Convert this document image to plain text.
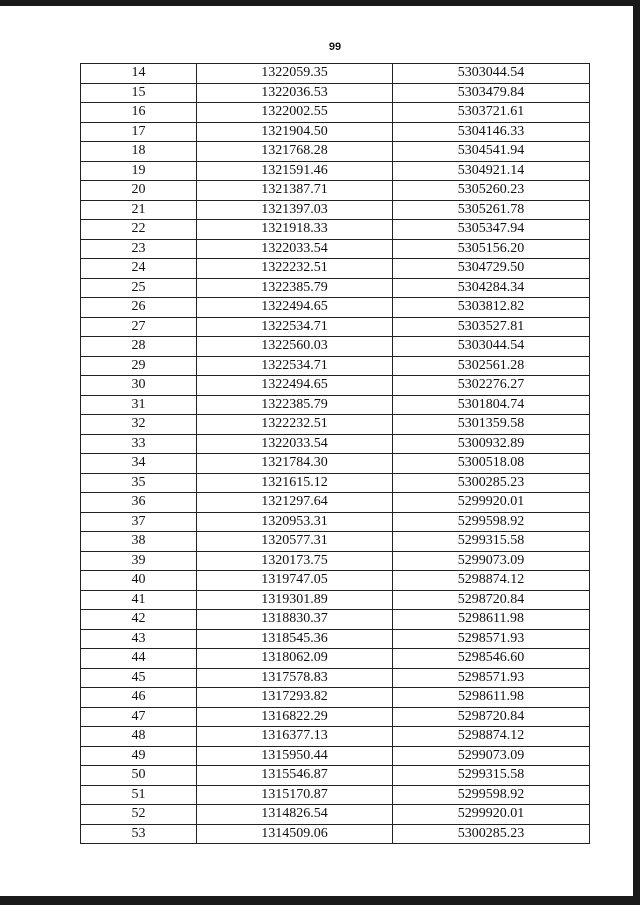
99
14	1322059.35	5303044.54
15	1322036.53	5303479.84
16	1322002.55	5303721.61
17	1321904.50	5304146.33
18	1321768.28	5304541.94
19	1321591.46	5304921.14
20	1321387.71	5305260.23
21	1321397.03	5305261.78
22	1321918.33	5305347.94
23	1322033.54	5305156.20
24	1322232.51	5304729.50
25	1322385.79	5304284.34
26	1322494.65	5303812.82
27	1322534.71	5303527.81
28	1322560.03	5303044.54
29	1322534.71	5302561.28
30	1322494.65	5302276.27
31	1322385.79	5301804.74
32	1322232.51	5301359.58
33	1322033.54	5300932.89
34	1321784.30	5300518.08
35	1321615.12	5300285.23
36	1321297.64	5299920.01
37	1320953.31	5299598.92
38	1320577.31	5299315.58
39	1320173.75	5299073.09
40	1319747.05	5298874.12
41	1319301.89	5298720.84
42	1318830.37	5298611.98
43	1318545.36	5298571.93
44	1318062.09	5298546.60
45	1317578.83	5298571.93
46	1317293.82	5298611.98
47	1316822.29	5298720.84
48	1316377.13	5298874.12
49	1315950.44	5299073.09
50	1315546.87	5299315.58
51	1315170.87	5299598.92
52	1314826.54	5299920.01
53	1314509.06	5300285.23
